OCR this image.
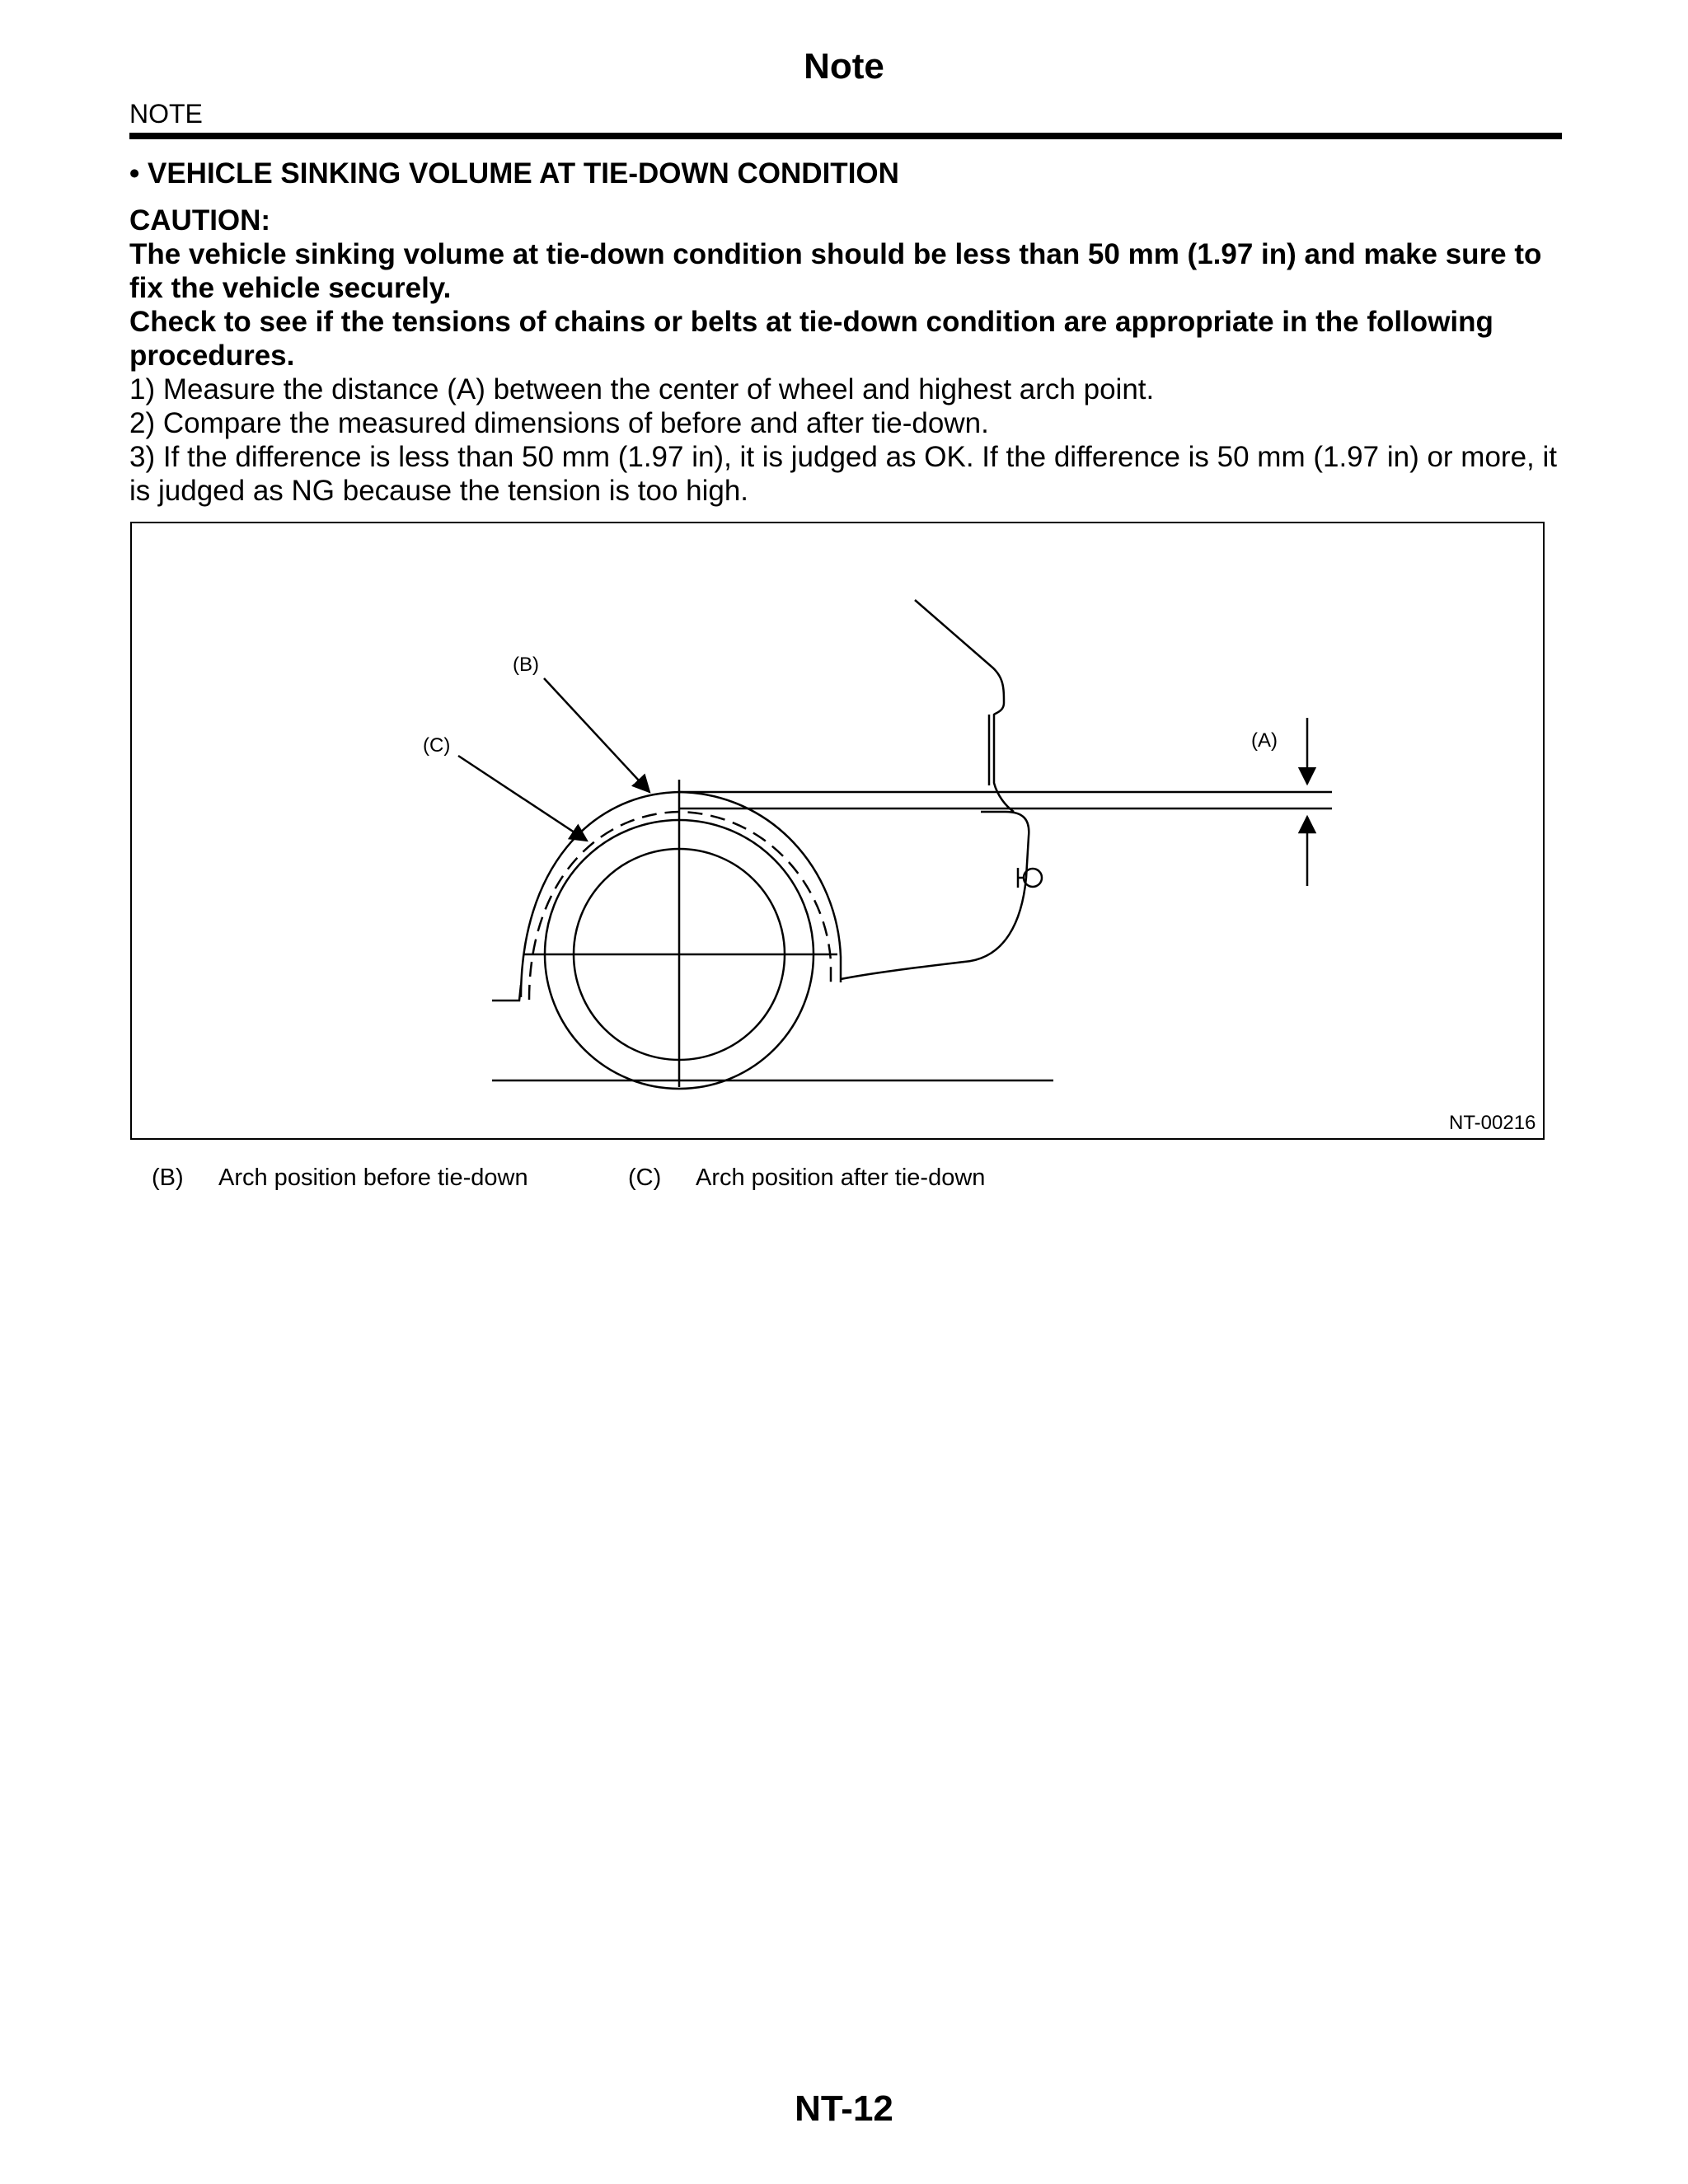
Note
NOTE

• VEHICLE SINKING VOLUME AT TIE-DOWN CONDITION

CAUTION:

The vehicle sinking volume at tie-down condition should be less than 50 mm (1.97 in) and make sure to fix the vehicle securely.

Check to see if the tensions of chains or belts at tie-down condition are appropriate in the following procedures.

1) Measure the distance (A) between the center of wheel and highest arch point.

2) Compare the measured dimensions of before and after tie-down.

3) If the difference is less than 50 mm (1.97 in), it is judged as OK. If the difference is 50 mm (1.97 in) or more, it is judged as NG because the tension is too high.

(B)
(C)	(A)
NT-00216
(B) Arch position before tie-down	(C) Arch position after tie-down
NT-12
